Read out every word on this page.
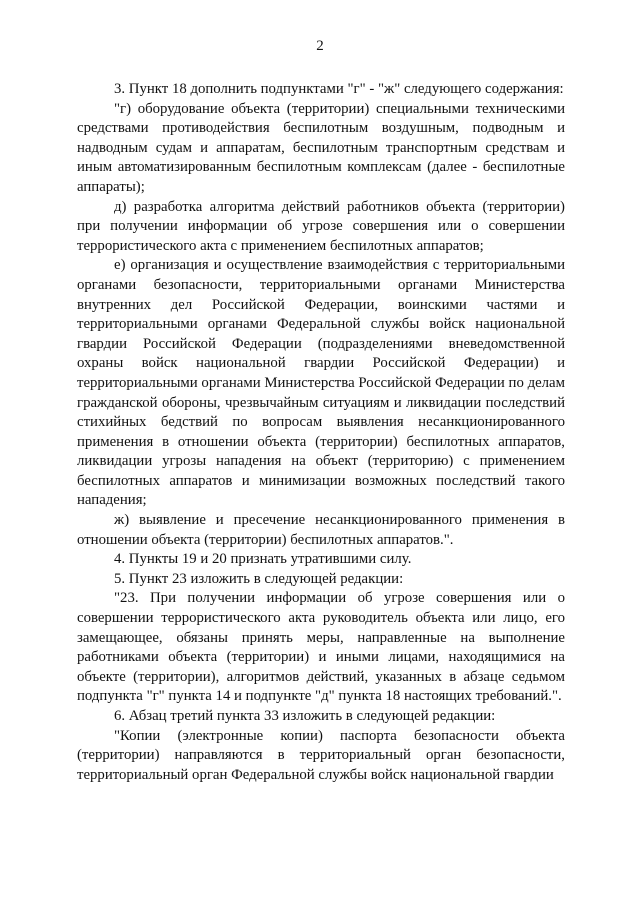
2

3. Пункт 18 дополнить подпунктами "г" - "ж" следующего содержания:

"г) оборудование объекта (территории) специальными техническими средствами противодействия беспилотным воздушным, подводным и надводным судам и аппаратам, беспилотным транспортным средствам и иным автоматизированным беспилотным комплексам (далее - беспилотные аппараты);

д) разработка алгоритма действий работников объекта (территории) при получении информации об угрозе совершения или о совершении террористического акта с применением беспилотных аппаратов;

е) организация и осуществление взаимодействия с территориальными органами безопасности, территориальными органами Министерства внутренних дел Российской Федерации, воинскими частями и территориальными органами Федеральной службы войск национальной гвардии Российской Федерации (подразделениями вневедомственной охраны войск национальной гвардии Российской Федерации) и территориальными органами Министерства Российской Федерации по делам гражданской обороны, чрезвычайным ситуациям и ликвидации последствий стихийных бедствий по вопросам выявления несанкционированного применения в отношении объекта (территории) беспилотных аппаратов, ликвидации угрозы нападения на объект (территорию) с применением беспилотных аппаратов и минимизации возможных последствий такого нападения;

ж) выявление и пресечение несанкционированного применения в отношении объекта (территории) беспилотных аппаратов.".

4. Пункты 19 и 20 признать утратившими силу.

5. Пункт 23 изложить в следующей редакции:

"23. При получении информации об угрозе совершения или о совершении террористического акта руководитель объекта или лицо, его замещающее, обязаны принять меры, направленные на выполнение работниками объекта (территории) и иными лицами, находящимися на объекте (территории), алгоритмов действий, указанных в абзаце седьмом подпункта "г" пункта 14 и подпункте "д" пункта 18 настоящих требований.".

6. Абзац третий пункта 33 изложить в следующей редакции:

"Копии (электронные копии) паспорта безопасности объекта (территории) направляются в территориальный орган безопасности, территориальный орган Федеральной службы войск национальной гвардии
